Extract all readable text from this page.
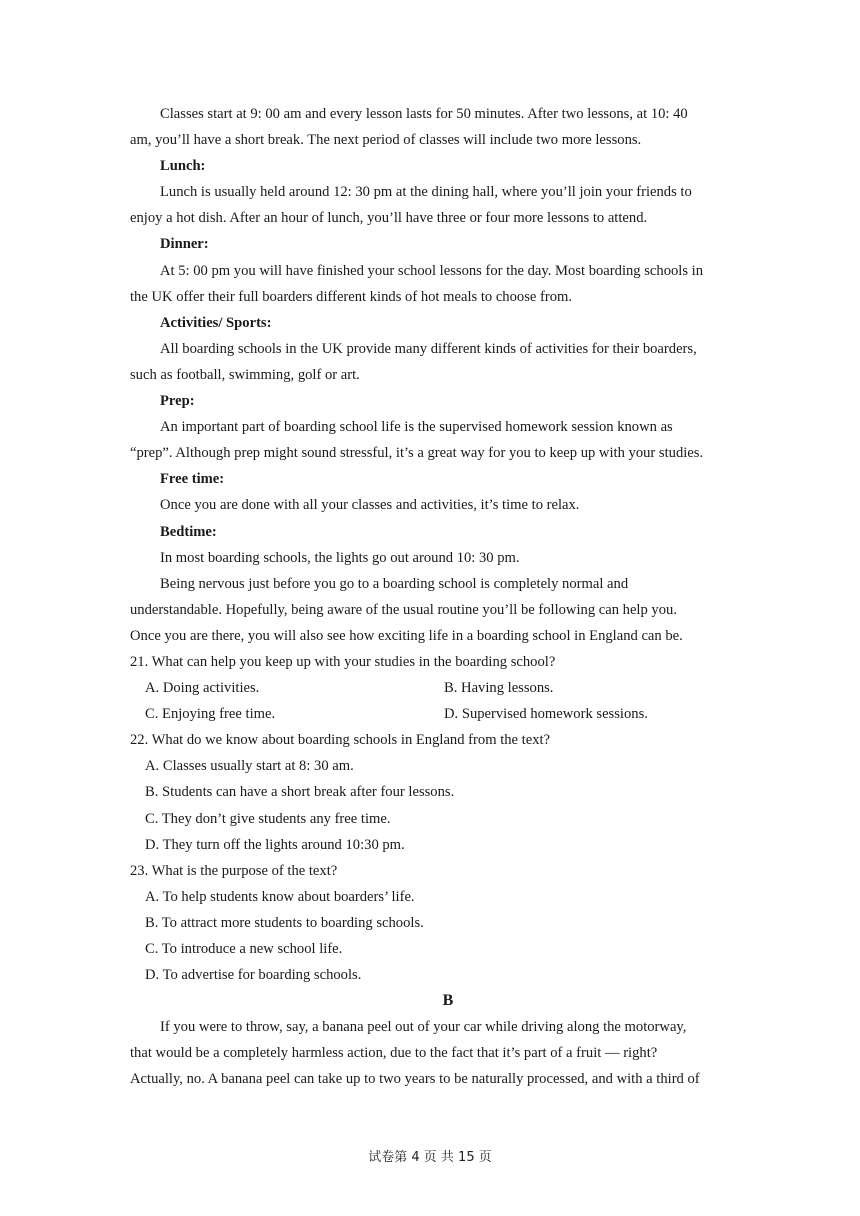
Classes start at 9: 00 am and every lesson lasts for 50 minutes. After two lessons, at 10: 40

am, you’ll have a short break. The next period of classes will include two more lessons.

Lunch:

Lunch is usually held around 12: 30 pm at the dining hall, where you’ll join your friends to

enjoy a hot dish. After an hour of lunch, you’ll have three or four more lessons to attend.

Dinner:

At 5: 00 pm you will have finished your school lessons for the day. Most boarding schools in

the UK offer their full boarders different kinds of hot meals to choose from.

Activities/ Sports:

All boarding schools in the UK provide many different kinds of activities for their boarders,

such as football, swimming, golf or art.

Prep:

An important part of boarding school life is the supervised homework session known as

“prep”. Although prep might sound stressful, it’s a great way for you to keep up with your studies.

Free time:

Once you are done with all your classes and activities, it’s time to relax.

Bedtime:

In most boarding schools, the lights go out around 10: 30 pm.

Being nervous just before you go to a boarding school is completely normal and

understandable. Hopefully, being aware of the usual routine you’ll be following can help you.

Once you are there, you will also see how exciting life in a boarding school in England can be.

21. What can help you keep up with your studies in the boarding school?

A. Doing activities.	B. Having lessons.
C. Enjoying free time.	D. Supervised homework sessions.

22. What do we know about boarding schools in England from the text?

A. Classes usually start at 8: 30 am.

B. Students can have a short break after four lessons.

C. They don’t give students any free time.

D. They turn off the lights around 10:30 pm.

23. What is the purpose of the text?

A. To help students know about boarders’ life.

B. To attract more students to boarding schools.

C. To introduce a new school life.

D. To advertise for boarding schools.

B

If you were to throw, say, a banana peel out of your car while driving along the motorway,

that would be a completely harmless action, due to the fact that it’s part of a fruit — right?

Actually, no. A banana peel can take up to two years to be naturally processed, and with a third of

试卷第 4 页 共 15 页
